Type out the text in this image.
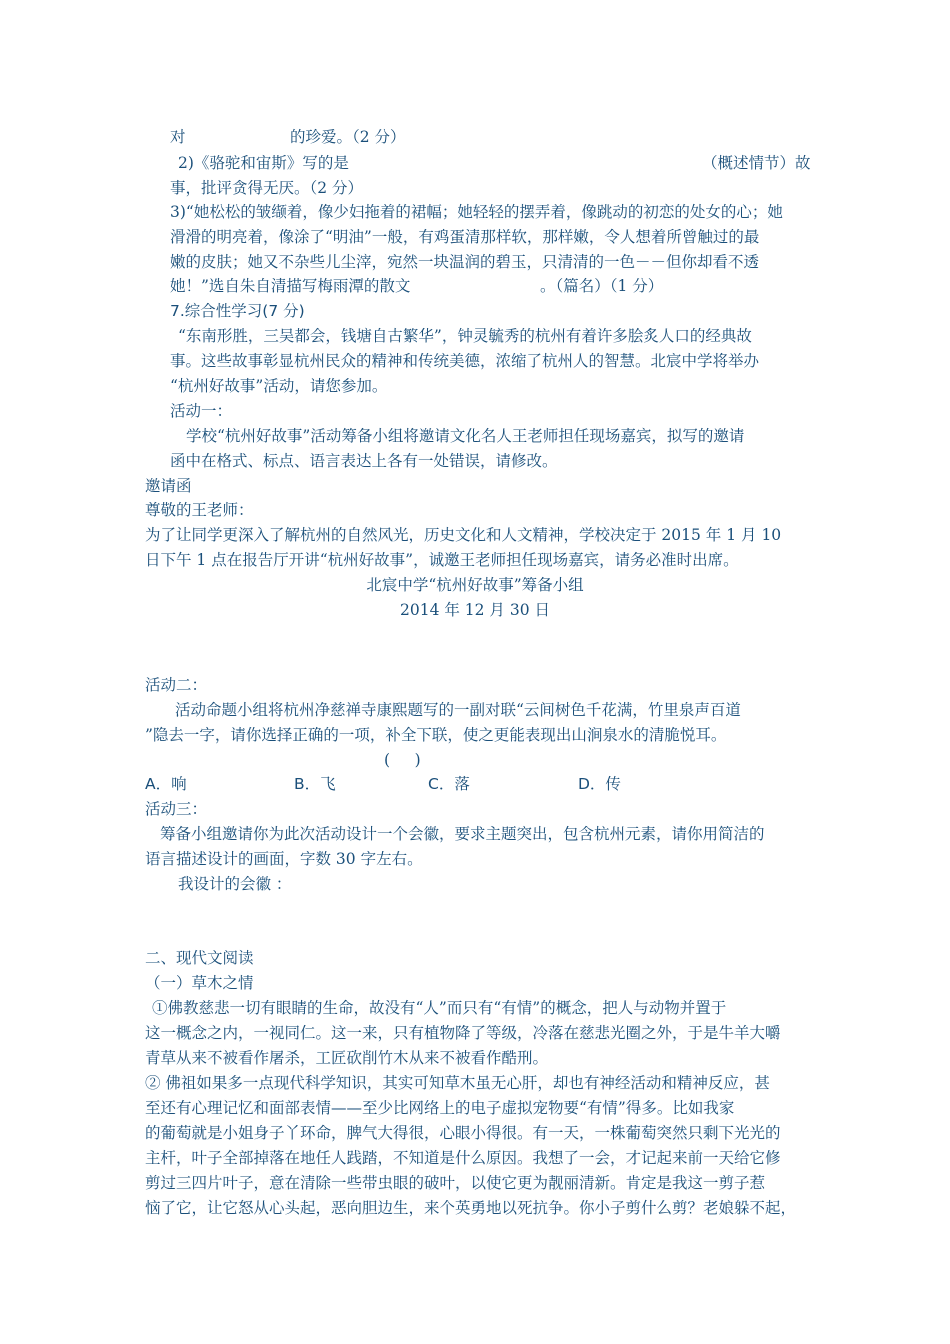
对	的珍爱。（2 分）
2)《骆驼和宙斯》写的是	（概述情节）故
事，批评贪得无厌。（2 分）
3)“她松松的皱缬着，像少妇拖着的裙幅；她轻轻的摆弄着，像跳动的初恋的处女的心；她
滑滑的明亮着，像涂了“明油”一般，有鸡蛋清那样软，那样嫩，令人想着所曾触过的最
嫩的皮肤；她又不杂些儿尘滓，宛然一块温润的碧玉，只清清的一色－－但你却看不透
她！”选自朱自清描写梅雨潭的散文	。（篇名）（1 分）
7.综合性学习(7 分)
“东南形胜，三吴都会，钱塘自古繁华”，钟灵毓秀的杭州有着许多脍炙人口的经典故
事。这些故事彰显杭州民众的精神和传统美德，浓缩了杭州人的智慧。北宸中学将举办
“杭州好故事”活动，请您参加。
活动一：
学校“杭州好故事”活动筹备小组将邀请文化名人王老师担任现场嘉宾，拟写的邀请
函中在格式、标点、语言表达上各有一处错误，请修改。
邀请函
尊敬的王老师：
为了让同学更深入了解杭州的自然风光，历史文化和人文精神，学校决定于 2015 年 1 月 10
日下午 1 点在报告厅开讲“杭州好故事”，诚邀王老师担任现场嘉宾，请务必准时出席。
北宸中学“杭州好故事”筹备小组
2014 年 12 月 30 日
活动二：
活动命题小组将杭州净慈禅寺康熙题写的一副对联“云间树色千花满，竹里泉声百道
”隐去一字，请你选择正确的一项，补全下联，使之更能表现出山涧泉水的清脆悦耳。
(     )
A．响	B．飞	C．落	D．传
活动三：
筹备小组邀请你为此次活动设计一个会徽，要求主题突出，包含杭州元素，请你用简洁的
语言描述设计的画面，字数 30 字左右。
我设计的会徽 ：
二、现代文阅读
（一）草木之情
①佛教慈悲一切有眼睛的生命，故没有“人”而只有“有情”的概念，把人与动物并置于
这一概念之内，一视同仁。这一来，只有植物降了等级，冷落在慈悲光圈之外，于是牛羊大嚼
青草从来不被看作屠杀，工匠砍削竹木从来不被看作酷刑。
② 佛祖如果多一点现代科学知识，其实可知草木虽无心肝，却也有神经活动和精神反应，甚
至还有心理记忆和面部表情——至少比网络上的电子虚拟宠物要“有情”得多。比如我家
的葡萄就是小姐身子丫环命，脾气大得很，心眼小得很。有一天，一株葡萄突然只剩下光光的
主杆，叶子全部掉落在地任人践踏，不知道是什么原因。我想了一会，才记起来前一天给它修
剪过三四片叶子，意在清除一些带虫眼的破叶，以使它更为靓丽清新。肯定是我这一剪子惹
恼了它，让它怒从心头起，恶向胆边生，来个英勇地以死抗争。你小子剪什么剪？老娘躲不起，
